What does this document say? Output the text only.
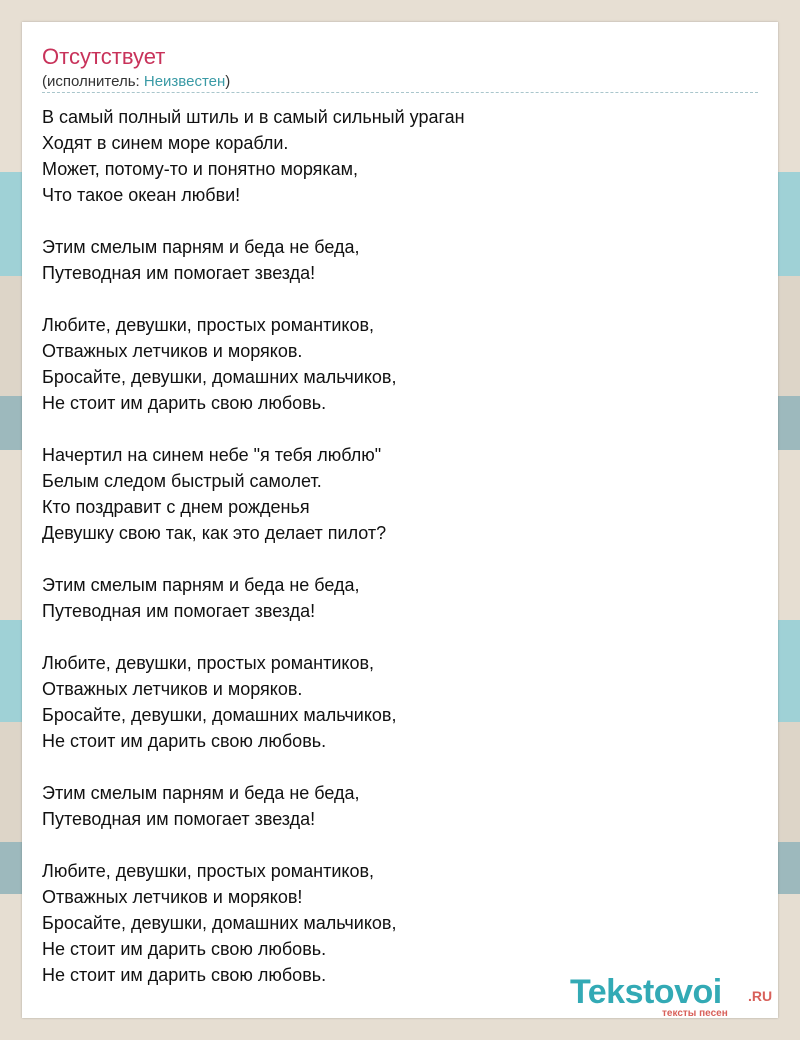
Отсутствует
(исполнитель: Неизвестен)
В самый полный штиль и в самый сильный ураган
Ходят в синем море корабли.
Может, потому-то и понятно морякам,
Что такое океан любви!
Этим смелым парням и беда не беда,
Путеводная им помогает звезда!
Любите, девушки, простых романтиков,
Отважных летчиков и моряков.
Бросайте, девушки, домашних мальчиков,
Не стоит им дарить свою любовь.
Начертил на синем небе "я тебя люблю"
Белым следом быстрый самолет.
Кто поздравит с днем рожденья
Девушку свою так, как это делает пилот?
Этим смелым парням и беда не беда,
Путеводная им помогает звезда!
Любите, девушки, простых романтиков,
Отважных летчиков и моряков.
Бросайте, девушки, домашних мальчиков,
Не стоит им дарить свою любовь.
Этим смелым парням и беда не беда,
Путеводная им помогает звезда!
Любите, девушки, простых романтиков,
Отважных летчиков и моряков!
Бросайте, девушки, домашних мальчиков,
Не стоит им дарить свою любовь.
Не стоит им дарить свою любовь.	Tekstovoi .RU
тексты песен
